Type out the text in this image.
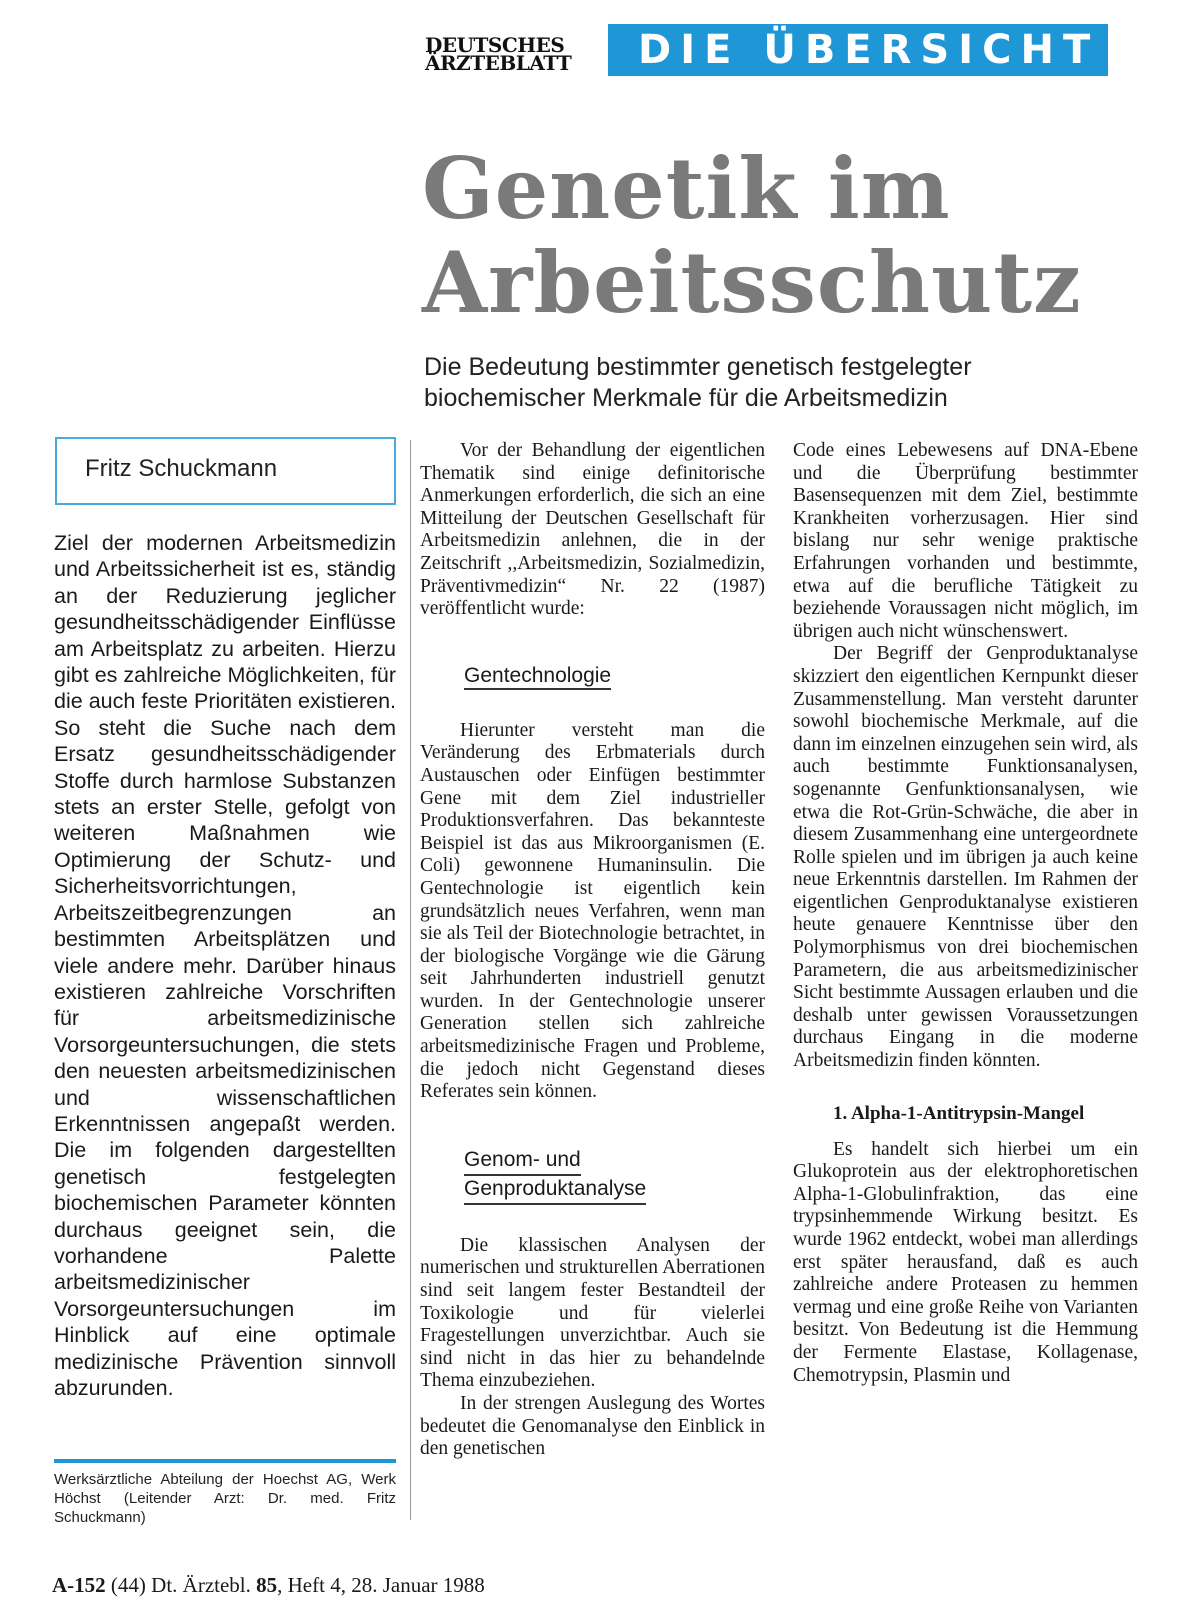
DEUTSCHES
ÄRZTEBLATT	DIE ÜBERSICHT
Genetik im
Arbeitsschutz
Die Bedeutung bestimmter genetisch festgelegter
biochemischer Merkmale für die Arbeitsmedizin
Fritz Schuckmann

Ziel der modernen Arbeitsmedizin und Arbeitssicherheit ist es, ständig an der Reduzierung jeglicher gesundheitsschädigender Einflüsse am Arbeitsplatz zu arbeiten. Hierzu gibt es zahlreiche Möglichkeiten, für die auch feste Prioritäten existieren. So steht die Suche nach dem Ersatz gesundheitsschädigender Stoffe durch harmlose Substanzen stets an erster Stelle, gefolgt von weiteren Maßnahmen wie Optimierung der Schutz- und Sicherheitsvorrichtungen, Arbeitszeitbegrenzungen an bestimmten Arbeitsplätzen und viele andere mehr. Darüber hinaus existieren zahlreiche Vorschriften für arbeitsmedizinische Vorsorgeuntersuchungen, die stets den neuesten arbeitsmedizinischen und wissenschaftlichen Erkenntnissen angepaßt werden. Die im folgenden dargestellten genetisch festgelegten biochemischen Parameter könnten durchaus geeignet sein, die vorhandene Palette arbeitsmedizinischer Vorsorgeuntersuchungen im Hinblick auf eine optimale medizinische Prävention sinnvoll abzurunden.

Werksärztliche Abteilung der Hoechst AG, Werk Höchst (Leitender Arzt: Dr. med. Fritz Schuckmann)

Vor der Behandlung der eigentlichen Thematik sind einige definitorische Anmerkungen erforderlich, die sich an eine Mitteilung der Deutschen Gesellschaft für Arbeitsmedizin anlehnen, die in der Zeitschrift ,,Arbeitsmedizin, Sozialmedizin, Präventivmedizin“ Nr. 22 (1987) veröffentlicht wurde:

Gentechnologie

Hierunter versteht man die Veränderung des Erbmaterials durch Austauschen oder Einfügen bestimmter Gene mit dem Ziel industrieller Produktionsverfahren. Das bekannteste Beispiel ist das aus Mikroorganismen (E. Coli) gewonnene Humaninsulin. Die Gentechnologie ist eigentlich kein grundsätzlich neues Verfahren, wenn man sie als Teil der Biotechnologie betrachtet, in der biologische Vorgänge wie die Gärung seit Jahrhunderten industriell genutzt wurden. In der Gentechnologie unserer Generation stellen sich zahlreiche arbeitsmedizinische Fragen und Probleme, die jedoch nicht Gegenstand dieses Referates sein können.

Genom- und
Genproduktanalyse

Die klassischen Analysen der numerischen und strukturellen Aberrationen sind seit langem fester Bestandteil der Toxikologie und für vielerlei Fragestellungen unverzichtbar. Auch sie sind nicht in das hier zu behandelnde Thema einzubeziehen.

In der strengen Auslegung des Wortes bedeutet die Genomanalyse den Einblick in den genetischen

Code eines Lebewesens auf DNA-Ebene und die Überprüfung bestimmter Basensequenzen mit dem Ziel, bestimmte Krankheiten vorherzusagen. Hier sind bislang nur sehr wenige praktische Erfahrungen vorhanden und bestimmte, etwa auf die berufliche Tätigkeit zu beziehende Voraussagen nicht möglich, im übrigen auch nicht wünschenswert.

Der Begriff der Genproduktanalyse skizziert den eigentlichen Kernpunkt dieser Zusammenstellung. Man versteht darunter sowohl biochemische Merkmale, auf die dann im einzelnen einzugehen sein wird, als auch bestimmte Funktionsanalysen, sogenannte Genfunktionsanalysen, wie etwa die Rot-Grün-Schwäche, die aber in diesem Zusammenhang eine untergeordnete Rolle spielen und im übrigen ja auch keine neue Erkenntnis darstellen. Im Rahmen der eigentlichen Genproduktanalyse existieren heute genauere Kenntnisse über den Polymorphismus von drei biochemischen Parametern, die aus arbeitsmedizinischer Sicht bestimmte Aussagen erlauben und die deshalb unter gewissen Voraussetzungen durchaus Eingang in die moderne Arbeitsmedizin finden könnten.

1. Alpha-1-Antitrypsin-Mangel

Es handelt sich hierbei um ein Glukoprotein aus der elektrophoretischen Alpha-1-Globulinfraktion, das eine trypsinhemmende Wirkung besitzt. Es wurde 1962 entdeckt, wobei man allerdings erst später herausfand, daß es auch zahlreiche andere Proteasen zu hemmen vermag und eine große Reihe von Varianten besitzt. Von Bedeutung ist die Hemmung der Fermente Elastase, Kollagenase, Chemotrypsin, Plasmin und

A-152 (44) Dt. Ärztebl. 85, Heft 4, 28. Januar 1988
